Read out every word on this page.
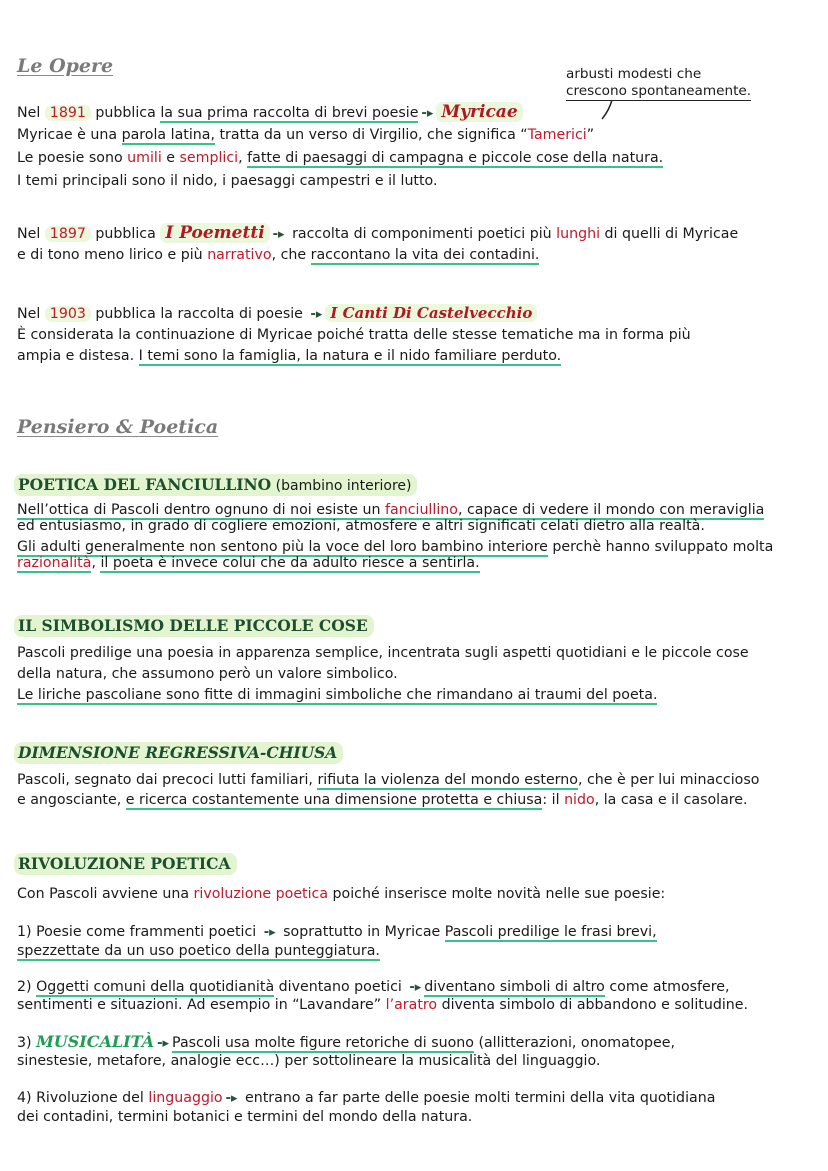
Le Opere	arbusti modesti che
cresconο spontaneamente.
Nel 1891 pubblica la sua prima raccolta di brevi poesie -▸ Myricae
Myricae è una parola latina, tratta da un verso di Virgilio, che significa “Tamerici”
Le poesie sono umili e semplici, fatte di paesaggi di campagna e piccole cose della natura.
I temi principali sono il nido, i paesaggi campestri e il lutto.
Nel 1897 pubblica I Poemetti -▸ raccolta di componimenti poetici più lunghi di quelli di Myricae
e di tono meno lirico e più narrativo, che raccontano la vita dei contadini.
Nel 1903 pubblica la raccolta di poesie -▸ I Canti Di Castelvecchio
È considerata la continuazione di Myricae poiché tratta delle stesse tematiche ma in forma più
ampia e distesa. I temi sono la famiglia, la natura e il nido familiare perduto.
Pensiero & Poetica
POETICA DEL FANCIULLINO (bambino interiore)
Nell’ottica di Pascoli dentro ognuno di noi esiste un fanciullino, capace di vedere il mondo con meraviglia
ed entusiasmo, in grado di cogliere emozioni, atmosfere e altri significati celati dietro alla realtà.
Gli adulti generalmente non sentono più la voce del loro bambino interiore perchè hanno sviluppato molta
razionalità, il poeta è invece colui che da adulto riesce a sentirla.
IL SIMBOLISMO DELLE PICCOLE COSE
Pascoli predilige una poesia in apparenza semplice, incentrata sugli aspetti quotidiani e le piccole cose
della natura, che assumono però un valore simbolico.
Le liriche pascoliane sono fitte di immagini simboliche che rimandano ai traumi del poeta.
DIMENSIONE REGRESSIVA-CHIUSA
Pascoli, segnato dai precoci lutti familiari, rifiuta la violenza del mondo esterno, che è per lui minaccioso
e angosciante, e ricerca costantemente una dimensione protetta e chiusa: il nido, la casa e il casolare.
RIVOLUZIONE POETICA
Con Pascoli avviene una rivoluzione poetica poiché inserisce molte novità nelle sue poesie:
1) Poesie come frammenti poetici -▸ soprattutto in Myricae Pascoli predilige le frasi brevi,
spezzettate da un uso poetico della punteggiatura.
2) Oggetti comuni della quotidianità diventano poetici -▸ diventano simboli di altro come atmosfere,
sentimenti e situazioni. Ad esempio in “Lavandare” l’aratro diventa simbolo di abbandono e solitudine.
3) MUSICALITÀ -▸ Pascoli usa molte figure retoriche di suono (allitterazioni, onomatopee,
sinestesie, metafore, analogie ecc…) per sottolineare la musicalità del linguaggio.
4) Rivoluzione del linguaggio -▸ entrano a far parte delle poesie molti termini della vita quotidiana
dei contadini, termini botanici e termini del mondo della natura.
